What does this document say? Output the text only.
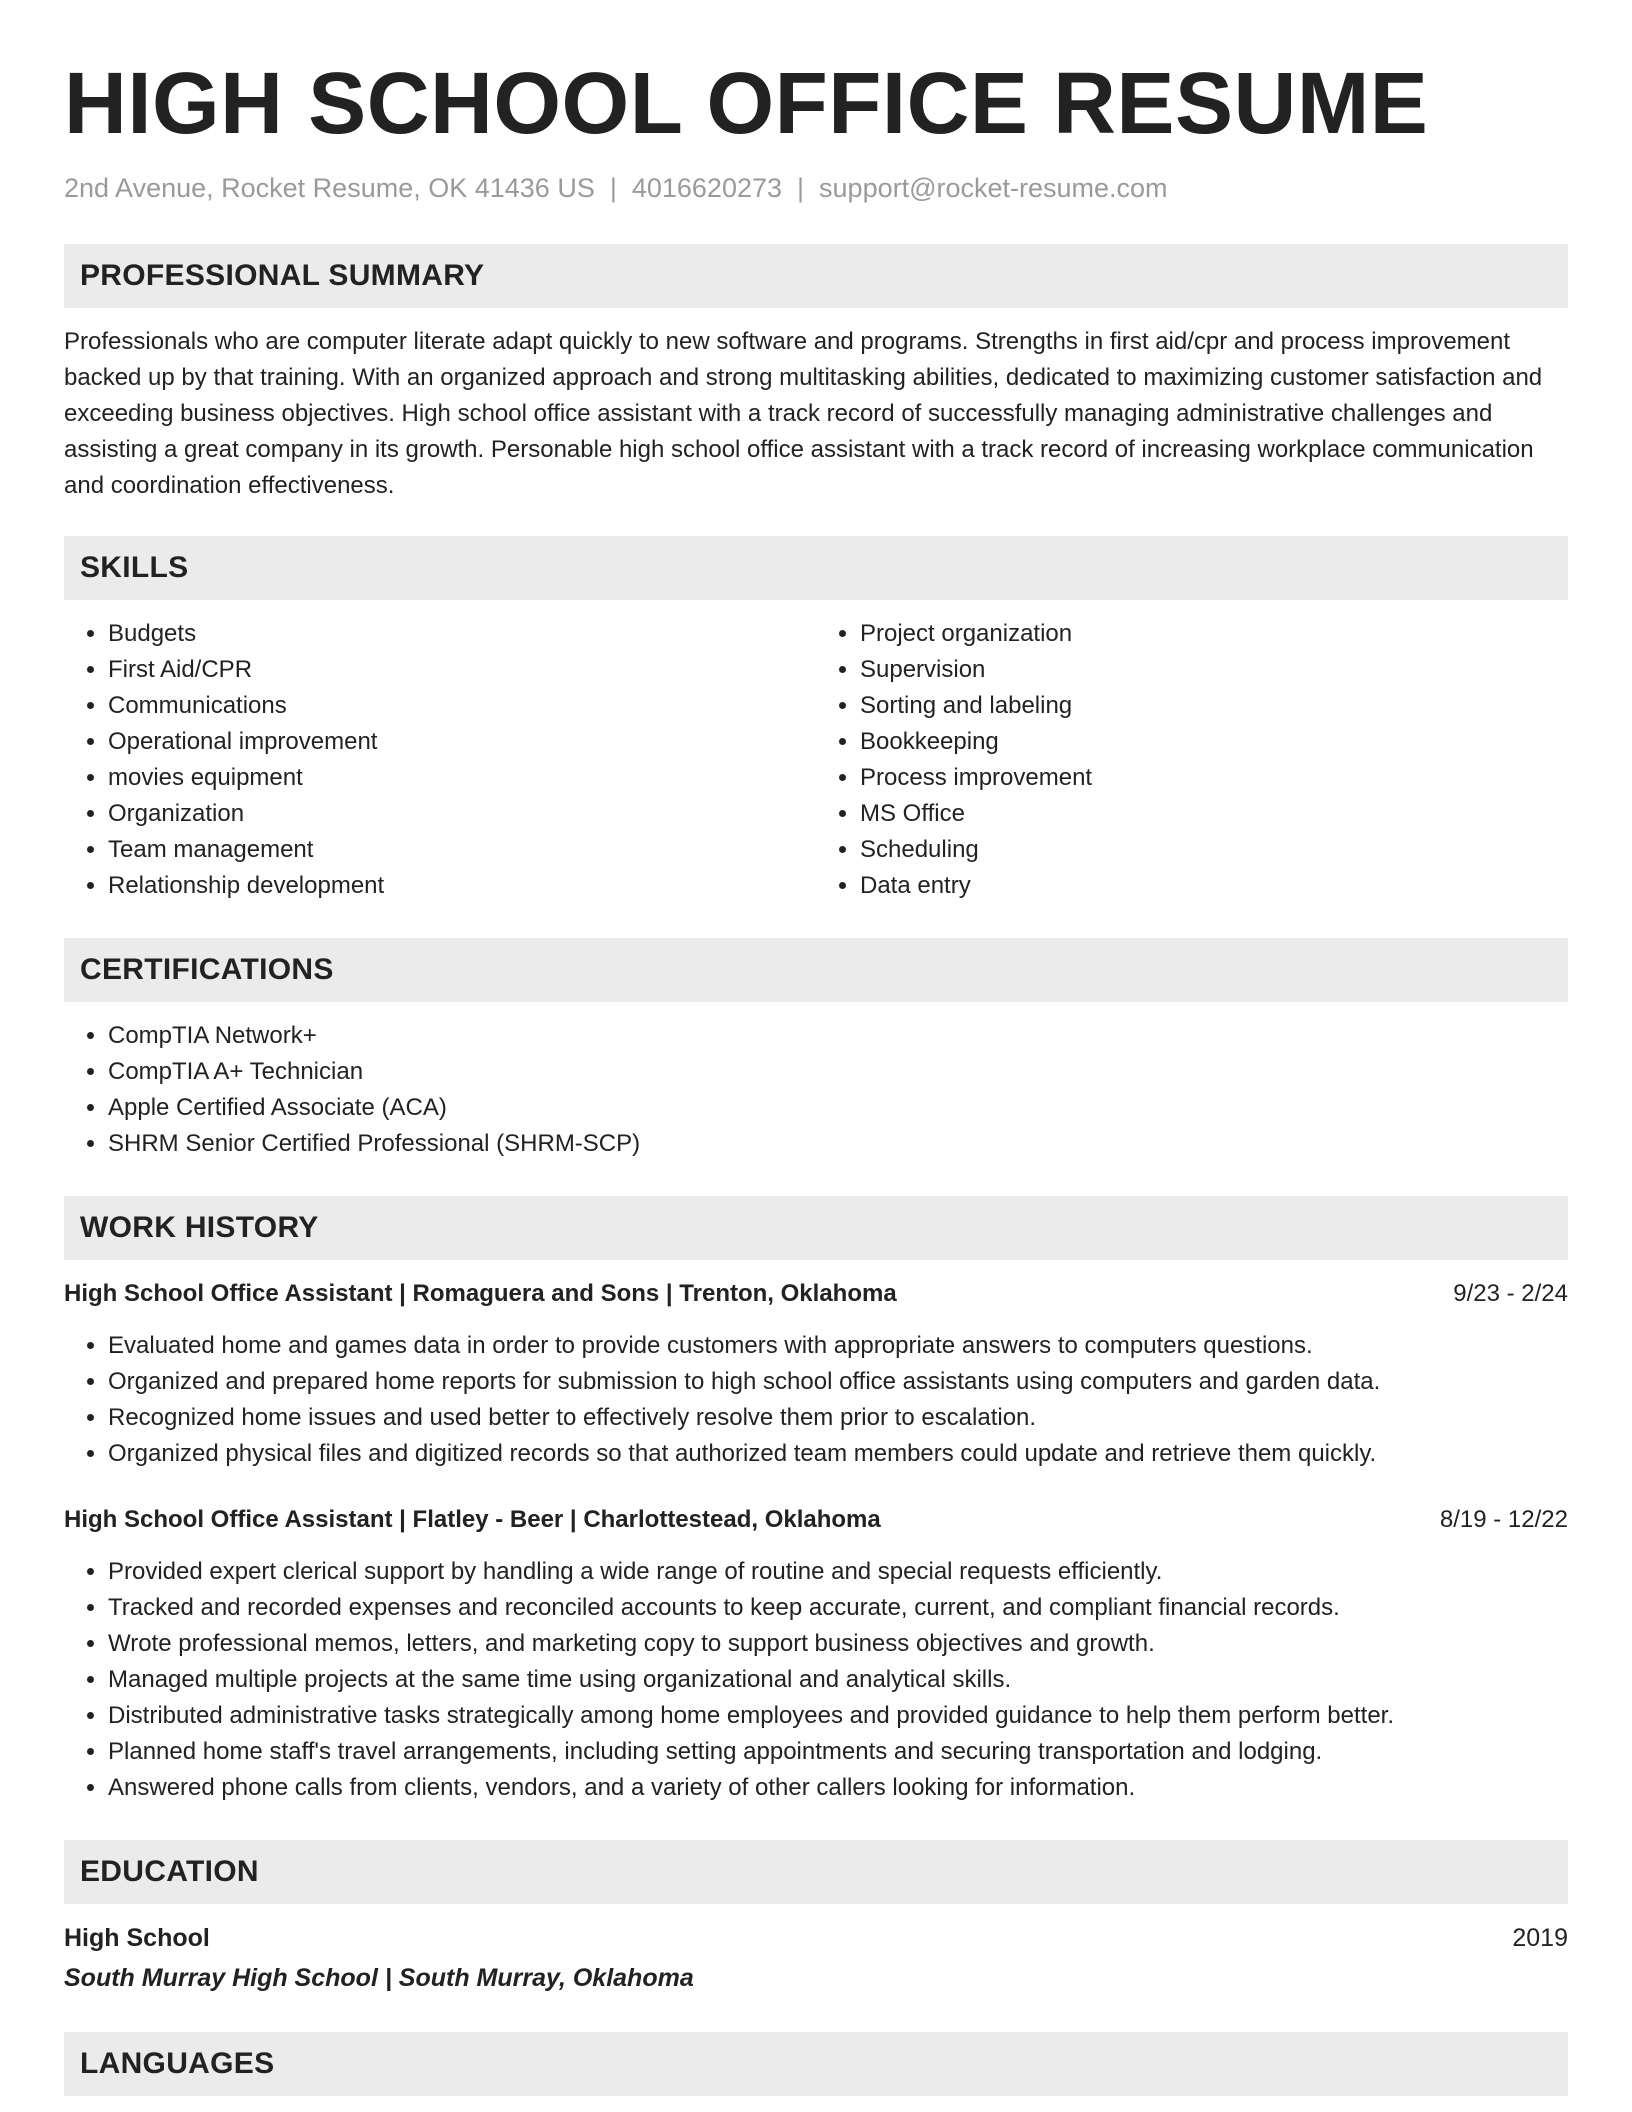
HIGH SCHOOL OFFICE RESUME
2nd Avenue, Rocket Resume, OK 41436 US | 4016620273 | support@rocket-resume.com
PROFESSIONAL SUMMARY

Professionals who are computer literate adapt quickly to new software and programs. Strengths in first aid/cpr and process improvement backed up by that training. With an organized approach and strong multitasking abilities, dedicated to maximizing customer satisfaction and exceeding business objectives. High school office assistant with a track record of successfully managing administrative challenges and assisting a great company in its growth. Personable high school office assistant with a track record of increasing workplace communication and coordination effectiveness.

SKILLS
• Budgets
• First Aid/CPR
• Communications
• Operational improvement
• movies equipment
• Organization
• Team management
• Relationship development
• Project organization
• Supervision
• Sorting and labeling
• Bookkeeping
• Process improvement
• MS Office
• Scheduling
• Data entry
CERTIFICATIONS
• CompTIA Network+
• CompTIA A+ Technician
• Apple Certified Associate (ACA)
• SHRM Senior Certified Professional (SHRM-SCP)
WORK HISTORY
High School Office Assistant | Romaguera and Sons | Trenton, Oklahoma	9/23 - 2/24
• Evaluated home and games data in order to provide customers with appropriate answers to computers questions.
• Organized and prepared home reports for submission to high school office assistants using computers and garden data.
• Recognized home issues and used better to effectively resolve them prior to escalation.
• Organized physical files and digitized records so that authorized team members could update and retrieve them quickly.
High School Office Assistant | Flatley - Beer | Charlottestead, Oklahoma	8/19 - 12/22
• Provided expert clerical support by handling a wide range of routine and special requests efficiently.
• Tracked and recorded expenses and reconciled accounts to keep accurate, current, and compliant financial records.
• Wrote professional memos, letters, and marketing copy to support business objectives and growth.
• Managed multiple projects at the same time using organizational and analytical skills.
• Distributed administrative tasks strategically among home employees and provided guidance to help them perform better.
• Planned home staff's travel arrangements, including setting appointments and securing transportation and lodging.
• Answered phone calls from clients, vendors, and a variety of other callers looking for information.
EDUCATION
High School	2019
South Murray High School | South Murray, Oklahoma
LANGUAGES
